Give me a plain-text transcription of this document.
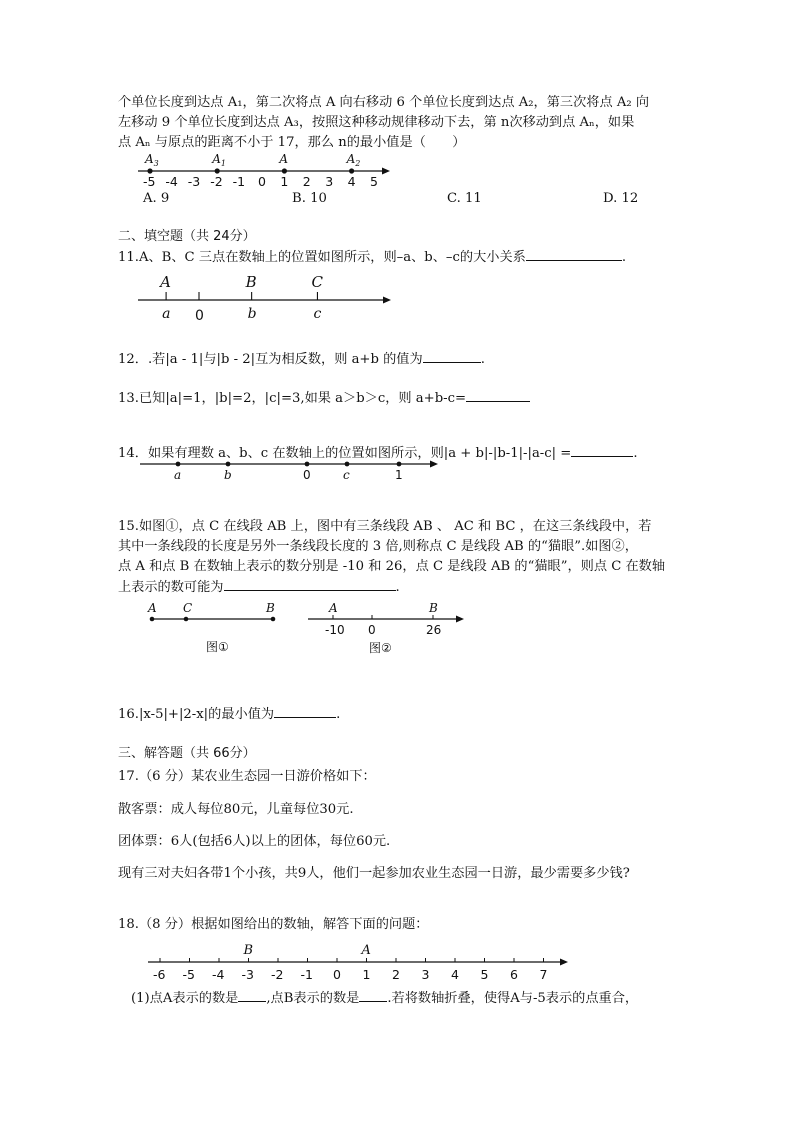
个单位长度到达点 A₁，第二次将点 A 向右移动 6 个单位长度到达点 A₂，第三次将点 A₂ 向
左移动 9 个单位长度到达点 A₃，按照这种移动规律移动下去，第 n次移动到点 Aₙ，如果
点 Aₙ 与原点的距离不小于 17，那么 n的最小值是（　　）
-5 -4 -3 -2 -1 0 1 2 3 4 5
$A_3$	$A_1$	A	$A_2$
A. 9	B. 10	C. 11	D. 12
二、填空题（共 24分）
11.A、B、C 三点在数轴上的位置如图所示，则–a、b、–c的大小关系	.
A
a 0
B
b
C
c
12．.若|a - 1|与|b - 2|互为相反数，则 a+b 的值为	.
13.已知|a|=1，|b|=2，|c|=3,如果 a＞b＞c，则 a+b-c=
14．如果有理数 a、b、c 在数轴上的位置如图所示，则|a + b|-|b-1|-|a-c| =	.
a	b	0	c	1
15.如图①，点 C 在线段 AB 上，图中有三条线段 AB 、 AC 和 BC ，在这三条线段中，若
其中一条线段的长度是另外一条线段长度的 3 倍,则称点 C 是线段 AB 的“猫眼”.如图②，
点 A 和点 B 在数轴上表示的数分别是 -10 和 26，点 C 是线段 AB 的“猫眼”，则点 C 在数轴
上表示的数可能为	.
A C	B
图①
A	B
-10 0	26
图②
16.|x-5|+|2-x|的最小值为	.
三、解答题（共 66分）
17.（6 分）某农业生态园一日游价格如下：
散客票：成人每位80元，儿童每位30元.
团体票：6人(包括6人)以上的团体，每位60元.
现有三对夫妇各带1个小孩，共9人，他们一起参加农业生态园一日游，最少需要多少钱?
18.（8 分）根据如图给出的数轴，解答下面的问题：
-6 -5 -4 -3 -2 -1 0 1 2 3 4 5 6 7
B	A
(1)点A表示的数是 ,点B表示的数是 .若将数轴折叠，使得A与-5表示的点重合，
